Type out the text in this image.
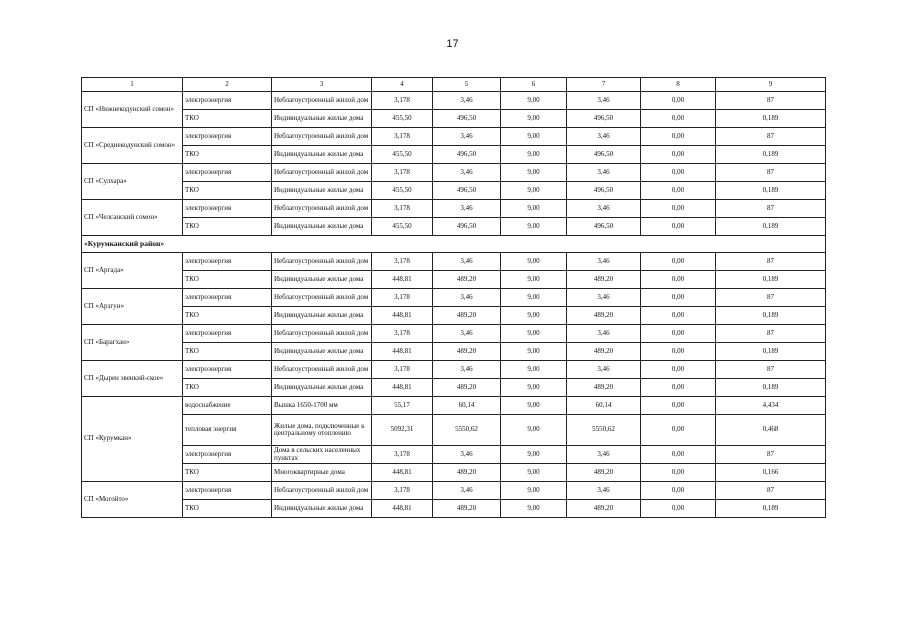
17
1	2	3	4	5	6	7	8	9
СП «Нижнекодунский сомон»	электроэнергия	Неблагоустроенный жилой дом	3,178	3,46	9,00	3,46	0,00	87
	ТКО	Индивидуальные жилые дома	455,50	496,50	9,00	496,50	0,00	0,189
СП «Среднекодунский сомон»	электроэнергия	Неблагоустроенный жилой дом	3,178	3,46	9,00	3,46	0,00	87
	ТКО	Индивидуальные жилые дома	455,50	496,50	9,00	496,50	0,00	0,189
СП «Сулхара»	электроэнергия	Неблагоустроенный жилой дом	3,178	3,46	9,00	3,46	0,00	87
	ТКО	Индивидуальные жилые дома	455,50	496,50	9,00	496,50	0,00	0,189
СП «Челсанский сомон»	электроэнергия	Неблагоустроенный жилой дом	3,178	3,46	9,00	3,46	0,00	87
	ТКО	Индивидуальные жилые дома	455,50	496,50	9,00	496,50	0,00	0,189
«Курумканский район»								
СП «Аргада»	электроэнергия	Неблагоустроенный жилой дом	3,178	3,46	9,00	3,46	0,00	87
	ТКО	Индивидуальные жилые дома	448,81	489,20	9,00	489,20	0,00	0,189
СП «Арзгун»	электроэнергия	Неблагоустроенный жилой дом	3,178	3,46	9,00	3,46	0,00	87
	ТКО	Индивидуальные жилые дома	448,81	489,20	9,00	489,20	0,00	0,189
СП «Барагхан»	электроэнергия	Неблагоустроенный жилой дом	3,178	3,46	9,00	3,46	0,00	87
	ТКО	Индивидуальные жилые дома	448,81	489,20	9,00	489,20	0,00	0,189
СП «Дырен эвенкий-ское»	электроэнергия	Неблагоустроенный жилой дом	3,178	3,46	9,00	3,46	0,00	87
	ТКО	Индивидуальные жилые дома	448,81	489,20	9,00	489,20	0,00	0,189
СП «Курумкан»	водоснабжение	Вышка 1650-1700 мм	55,17	60,14	9,00	60,14	0,00	4,434
	тепловая энергия	Жилые дома, подключенные к центральному отоплению	5092,31	5550,62	9,00	5550,62	0,00	0,468
	электроэнергия	Дома в сельских населенных пунктах	3,178	3,46	9,00	3,46	0,00	87
	ТКО	Многоквартирные дома	448,81	489,20	9,00	489,20	0,00	0,166
СП «Могойто»	электроэнергия	Неблагоустроенный жилой дом	3,178	3,46	9,00	3,46	0,00	87
	ТКО	Индивидуальные жилые дома	448,81	489,20	9,00	489,20	0,00	0,189
